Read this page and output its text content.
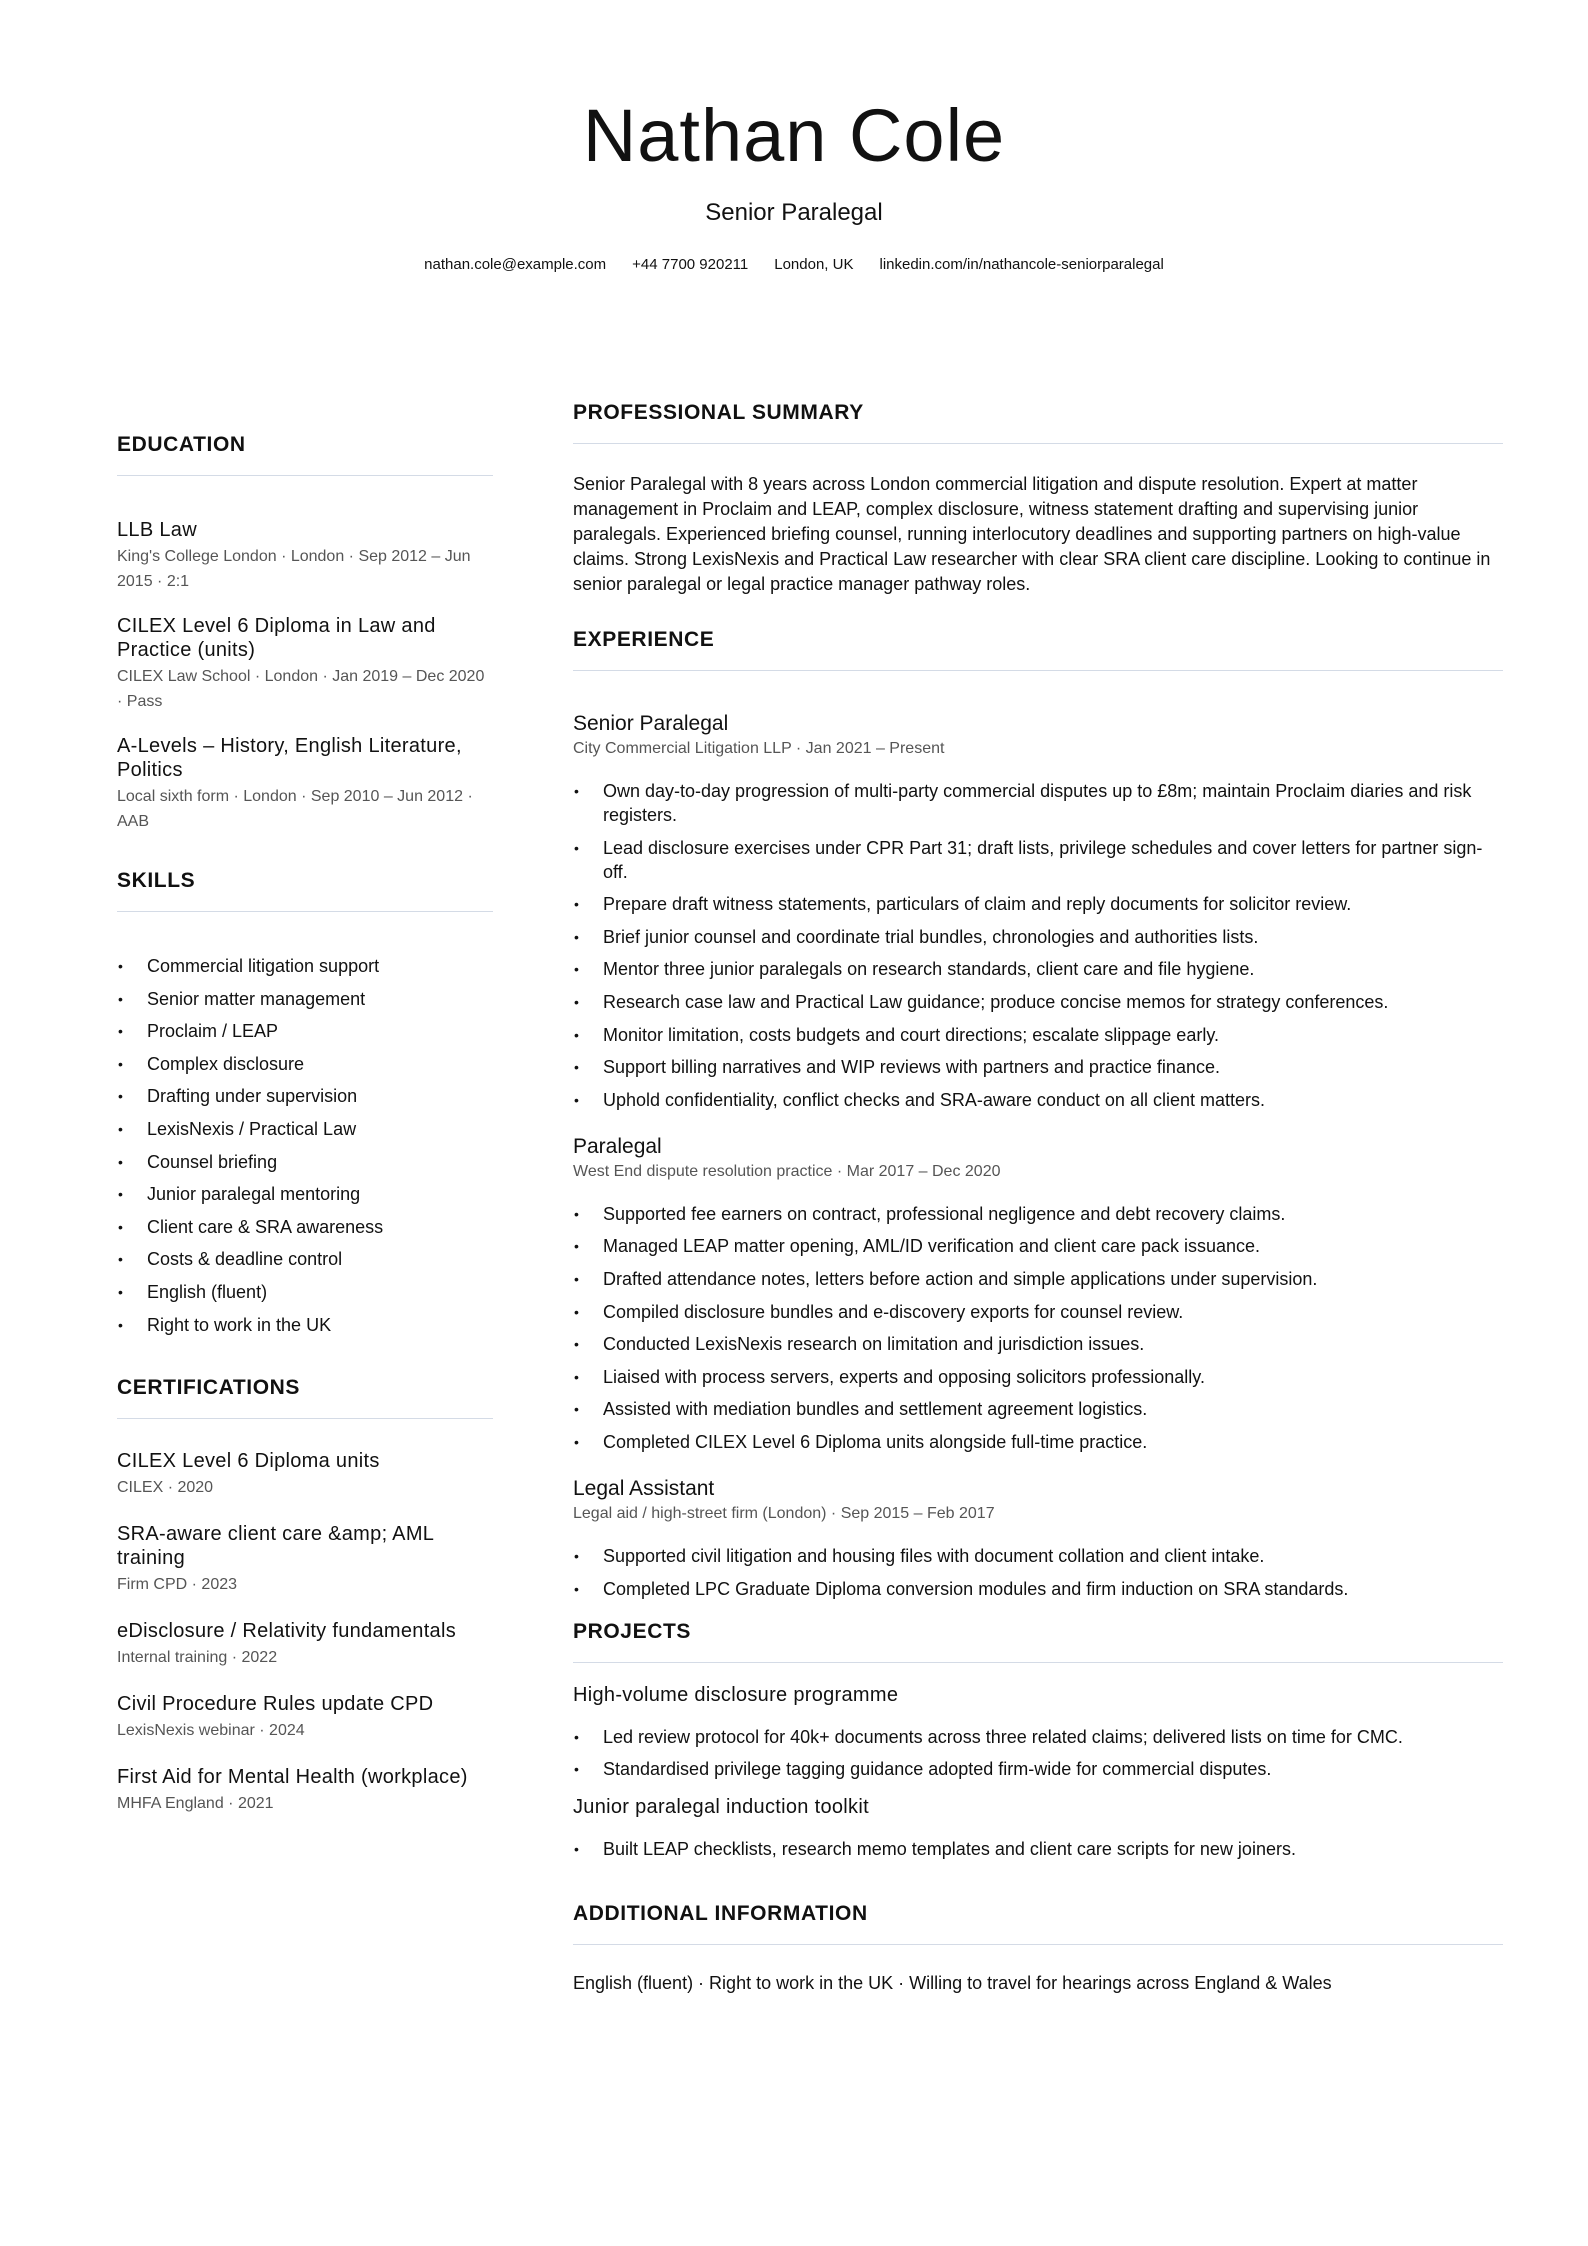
Nathan Cole
Senior Paralegal
nathan.cole@example.com +44 7700 920211 London, UK linkedin.com/in/nathancole-seniorparalegal
EDUCATION
LLB Law
King's College London · London · Sep 2012 – Jun 2015 · 2:1
CILEX Level 6 Diploma in Law and Practice (units)
CILEX Law School · London · Jan 2019 – Dec 2020 · Pass
A-Levels – History, English Literature, Politics
Local sixth form · London · Sep 2010 – Jun 2012 · AAB
SKILLS
• Commercial litigation support
• Senior matter management
• Proclaim / LEAP
• Complex disclosure
• Drafting under supervision
• LexisNexis / Practical Law
• Counsel briefing
• Junior paralegal mentoring
• Client care & SRA awareness
• Costs & deadline control
• English (fluent)
• Right to work in the UK
CERTIFICATIONS
CILEX Level 6 Diploma units
CILEX · 2020
SRA-aware client care &amp; AML training
Firm CPD · 2023
eDisclosure / Relativity fundamentals
Internal training · 2022
Civil Procedure Rules update CPD
LexisNexis webinar · 2024
First Aid for Mental Health (workplace)
MHFA England · 2021
PROFESSIONAL SUMMARY

Senior Paralegal with 8 years across London commercial litigation and dispute resolution. Expert at matter management in Proclaim and LEAP, complex disclosure, witness statement drafting and supervising junior paralegals. Experienced briefing counsel, running interlocutory deadlines and supporting partners on high-value claims. Strong LexisNexis and Practical Law researcher with clear SRA client care discipline. Looking to continue in senior paralegal or legal practice manager pathway roles.

EXPERIENCE
Senior Paralegal
City Commercial Litigation LLP · Jan 2021 – Present
• Own day-to-day progression of multi-party commercial disputes up to £8m; maintain Proclaim diaries and risk registers.
• Lead disclosure exercises under CPR Part 31; draft lists, privilege schedules and cover letters for partner sign-off.
• Prepare draft witness statements, particulars of claim and reply documents for solicitor review.
• Brief junior counsel and coordinate trial bundles, chronologies and authorities lists.
• Mentor three junior paralegals on research standards, client care and file hygiene.
• Research case law and Practical Law guidance; produce concise memos for strategy conferences.
• Monitor limitation, costs budgets and court directions; escalate slippage early.
• Support billing narratives and WIP reviews with partners and practice finance.
• Uphold confidentiality, conflict checks and SRA-aware conduct on all client matters.
Paralegal
West End dispute resolution practice · Mar 2017 – Dec 2020
• Supported fee earners on contract, professional negligence and debt recovery claims.
• Managed LEAP matter opening, AML/ID verification and client care pack issuance.
• Drafted attendance notes, letters before action and simple applications under supervision.
• Compiled disclosure bundles and e-discovery exports for counsel review.
• Conducted LexisNexis research on limitation and jurisdiction issues.
• Liaised with process servers, experts and opposing solicitors professionally.
• Assisted with mediation bundles and settlement agreement logistics.
• Completed CILEX Level 6 Diploma units alongside full-time practice.
Legal Assistant
Legal aid / high-street firm (London) · Sep 2015 – Feb 2017
• Supported civil litigation and housing files with document collation and client intake.
• Completed LPC Graduate Diploma conversion modules and firm induction on SRA standards.
PROJECTS
High-volume disclosure programme
• Led review protocol for 40k+ documents across three related claims; delivered lists on time for CMC.
• Standardised privilege tagging guidance adopted firm-wide for commercial disputes.
Junior paralegal induction toolkit
• Built LEAP checklists, research memo templates and client care scripts for new joiners.
ADDITIONAL INFORMATION
English (fluent) · Right to work in the UK · Willing to travel for hearings across England & Wales
